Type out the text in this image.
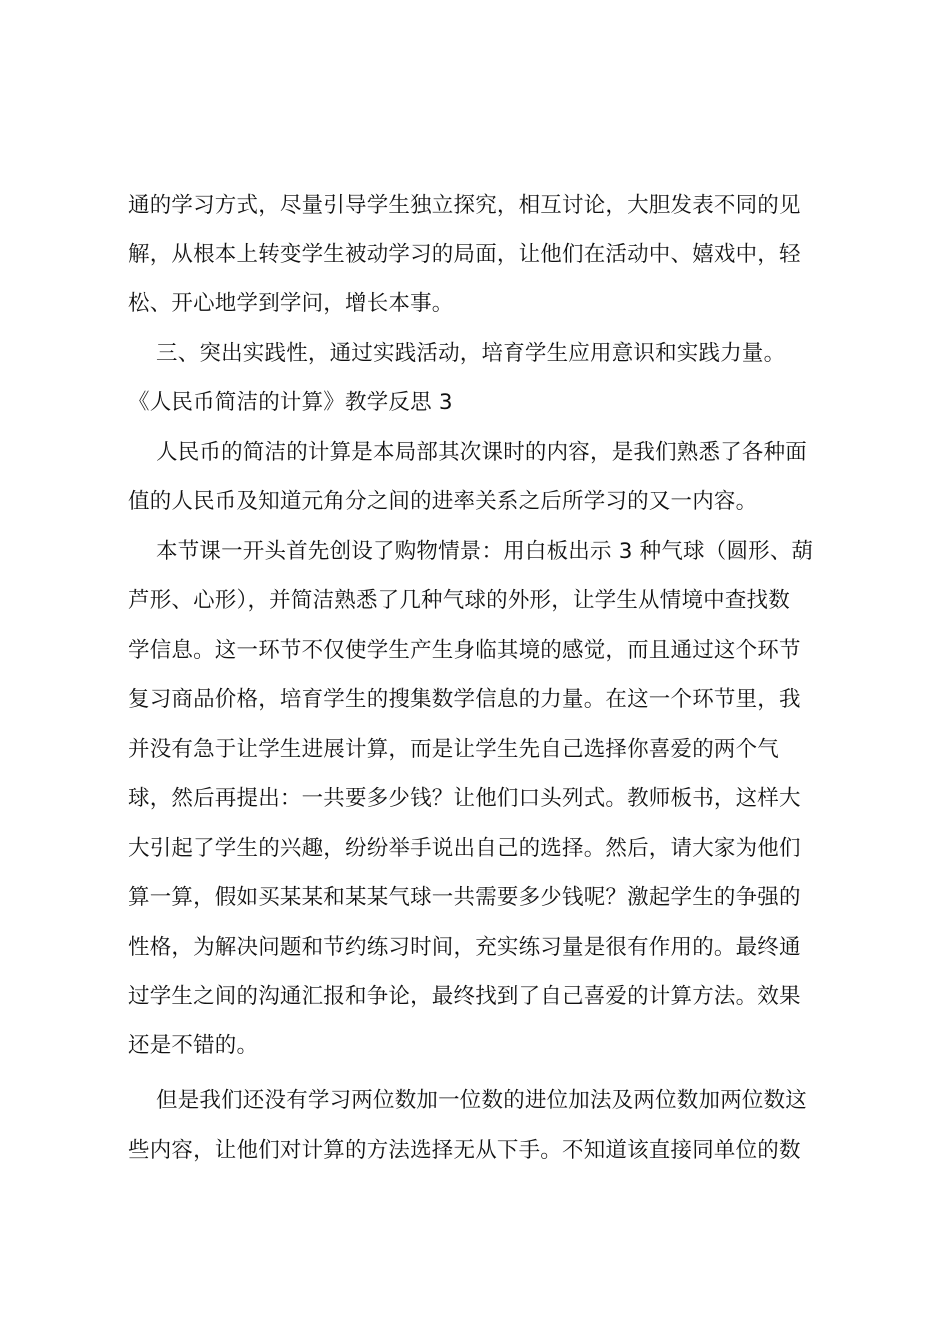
通的学习方式，尽量引导学生独立探究，相互讨论，大胆发表不同的见
解，从根本上转变学生被动学习的局面，让他们在活动中、嬉戏中，轻
松、开心地学到学问，增长本事。
三、突出实践性，通过实践活动，培育学生应用意识和实践力量。
《人民币简洁的计算》教学反思 3
人民币的简洁的计算是本局部其次课时的内容，是我们熟悉了各种面
值的人民币及知道元角分之间的进率关系之后所学习的又一内容。
本节课一开头首先创设了购物情景：用白板出示 3 种气球（圆形、葫
芦形、心形），并简洁熟悉了几种气球的外形，让学生从情境中查找数
学信息。这一环节不仅使学生产生身临其境的感觉，而且通过这个环节
复习商品价格，培育学生的搜集数学信息的力量。在这一个环节里，我
并没有急于让学生进展计算，而是让学生先自己选择你喜爱的两个气
球，然后再提出：一共要多少钱？让他们口头列式。教师板书，这样大
大引起了学生的兴趣，纷纷举手说出自己的选择。然后，请大家为他们
算一算，假如买某某和某某气球一共需要多少钱呢？激起学生的争强的
性格，为解决问题和节约练习时间，充实练习量是很有作用的。最终通
过学生之间的沟通汇报和争论，最终找到了自己喜爱的计算方法。效果
还是不错的。
但是我们还没有学习两位数加一位数的进位加法及两位数加两位数这
些内容，让他们对计算的方法选择无从下手。不知道该直接同单位的数
